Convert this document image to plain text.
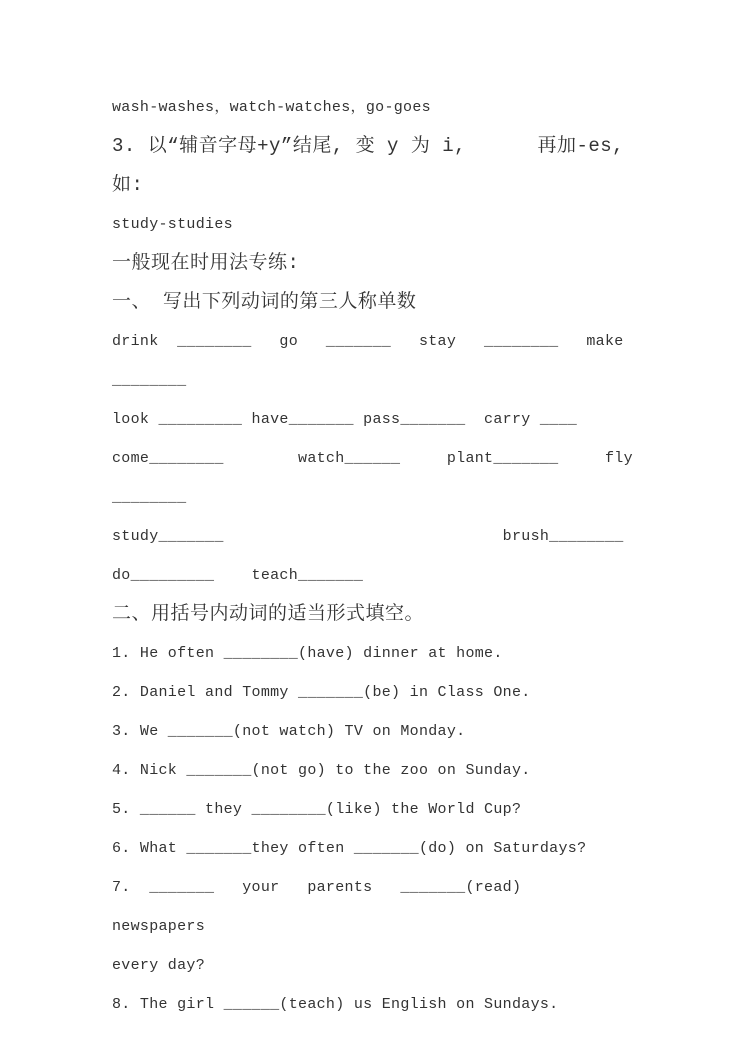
wash-washes，watch-watches，go-goes

3. 以“辅音字母+y”结尾, 变 y 为 i,      再加-es, 如:

study-studies

一般现在时用法专练:

一、 写出下列动词的第三人称单数

drink  ________   go   _______   stay   ________   make

________

look _________ have_______ pass_______  carry ____

come________        watch______     plant_______     fly

________

study_______                              brush________

do_________    teach_______

二、用括号内动词的适当形式填空。

1. He often ________(have) dinner at home.

2. Daniel and Tommy _______(be) in Class One.

3. We _______(not watch) TV on Monday.

4. Nick _______(not go) to the zoo on Sunday.

5. ______ they ________(like) the World Cup?

6. What _______they often _______(do) on Saturdays?

7.  _______   your   parents   _______(read)   newspapers

every day?

8. The girl ______(teach) us English on Sundays.
